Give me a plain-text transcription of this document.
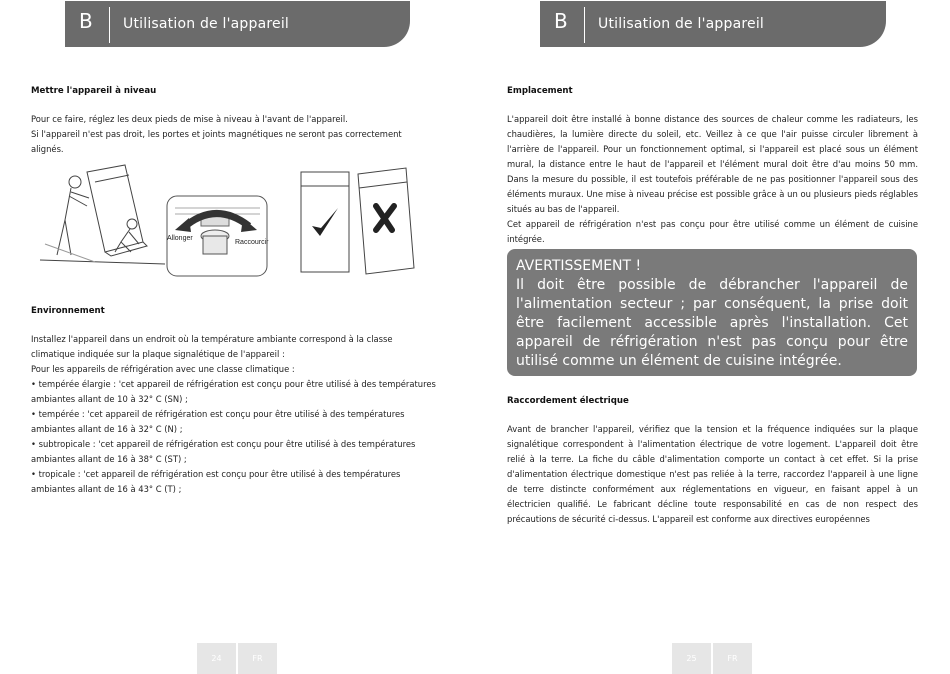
B Utilisation de l'appareil
Mettre l'appareil à niveau
Pour ce faire, réglez les deux pieds de mise à niveau à l'avant de l'appareil.
Si l'appareil n'est pas droit, les portes et joints magnétiques ne seront pas correctement
alignés.
Allonger
Raccourcir
Environnement
Installez l'appareil dans un endroit où la température ambiante correspond à la classe
climatique indiquée sur la plaque signalétique de l'appareil :
Pour les appareils de réfrigération avec une classe climatique :
• tempérée élargie : 'cet appareil de réfrigération est conçu pour être utilisé à des températures
ambiantes allant de 10 à 32° C (SN) ;
• tempérée : 'cet appareil de réfrigération est conçu pour être utilisé à des températures
ambiantes allant de 16 à 32° C (N) ;
• subtropicale : 'cet appareil de réfrigération est conçu pour être utilisé à des températures
ambiantes allant de 16 à 38° C (ST) ;
• tropicale : 'cet appareil de réfrigération est conçu pour être utilisé à des températures
ambiantes allant de 16 à 43° C (T) ;
24	FR
B Utilisation de l'appareil
Emplacement
L'appareil doit être installé à bonne distance des sources de chaleur comme les radiateurs, les chaudières, la lumière directe du soleil, etc. Veillez à ce que l'air puisse circuler librement à l'arrière de l'appareil. Pour un fonctionnement optimal, si l'appareil est placé sous un élément mural, la distance entre le haut de l'appareil et l'élément mural doit être d'au moins 50 mm. Dans la mesure du possible, il est toutefois préférable de ne pas positionner l'appareil sous des éléments muraux. Une mise à niveau précise est possible grâce à un ou plusieurs pieds réglables situés au bas de l'appareil.
Cet appareil de réfrigération n'est pas conçu pour être utilisé comme un élément de cuisine intégrée.
AVERTISSEMENT !
Il doit être possible de débrancher l'appareil de l'alimentation secteur ; par conséquent, la prise doit être facilement accessible après l'installation. Cet appareil de réfrigération n'est pas conçu pour être utilisé comme un élément de cuisine intégrée.
Raccordement électrique
Avant de brancher l'appareil, vérifiez que la tension et la fréquence indiquées sur la plaque signalétique correspondent à l'alimentation électrique de votre logement. L'appareil doit être relié à la terre. La fiche du câble d'alimentation comporte un contact à cet effet. Si la prise d'alimentation électrique domestique n'est pas reliée à la terre, raccordez l'appareil à une ligne de terre distincte conformément aux réglementations en vigueur, en faisant appel à un électricien qualifié. Le fabricant décline toute responsabilité en cas de non respect des précautions de sécurité ci-dessus. L'appareil est conforme aux directives européennes
25	FR
